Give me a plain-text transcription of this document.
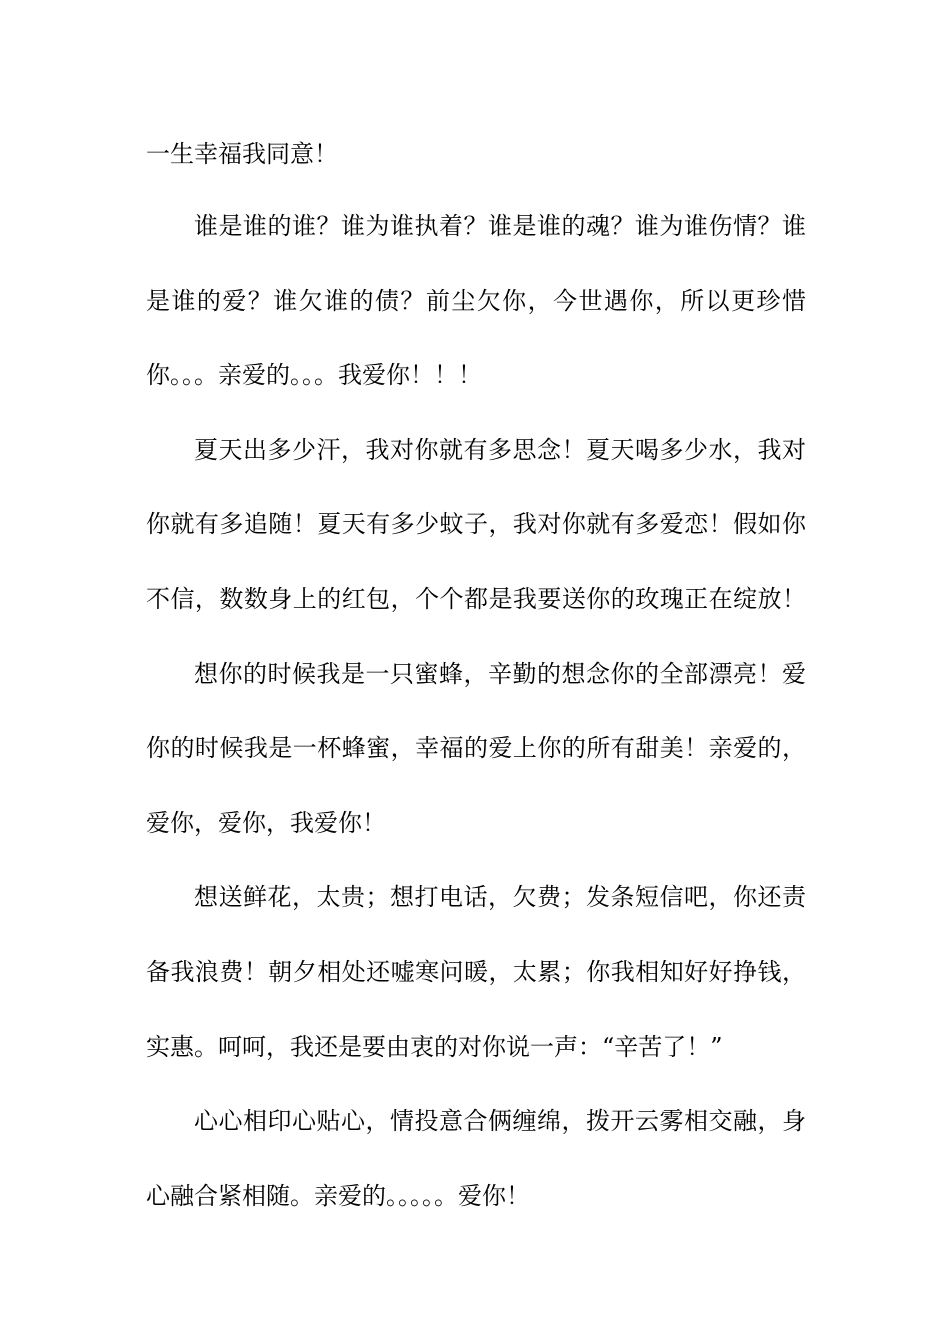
一生幸福我同意！
谁是谁的谁？谁为谁执着？谁是谁的魂？谁为谁伤情？谁
是谁的爱？谁欠谁的债？前尘欠你，今世遇你，所以更珍惜
你。。。亲爱的。。。我爱你！！！
夏天出多少汗，我对你就有多思念！夏天喝多少水，我对
你就有多追随！夏天有多少蚊子，我对你就有多爱恋！假如你
不信，数数身上的红包，个个都是我要送你的玫瑰正在绽放！
想你的时候我是一只蜜蜂，辛勤的想念你的全部漂亮！爱
你的时候我是一杯蜂蜜，幸福的爱上你的所有甜美！亲爱的，
爱你，爱你，我爱你！
想送鲜花，太贵；想打电话，欠费；发条短信吧，你还责
备我浪费！朝夕相处还嘘寒问暖，太累；你我相知好好挣钱，
实惠。呵呵，我还是要由衷的对你说一声：“辛苦了！”
心心相印心贴心，情投意合俩缠绵，拨开云雾相交融，身
心融合紧相随。亲爱的。。。。。爱你！
